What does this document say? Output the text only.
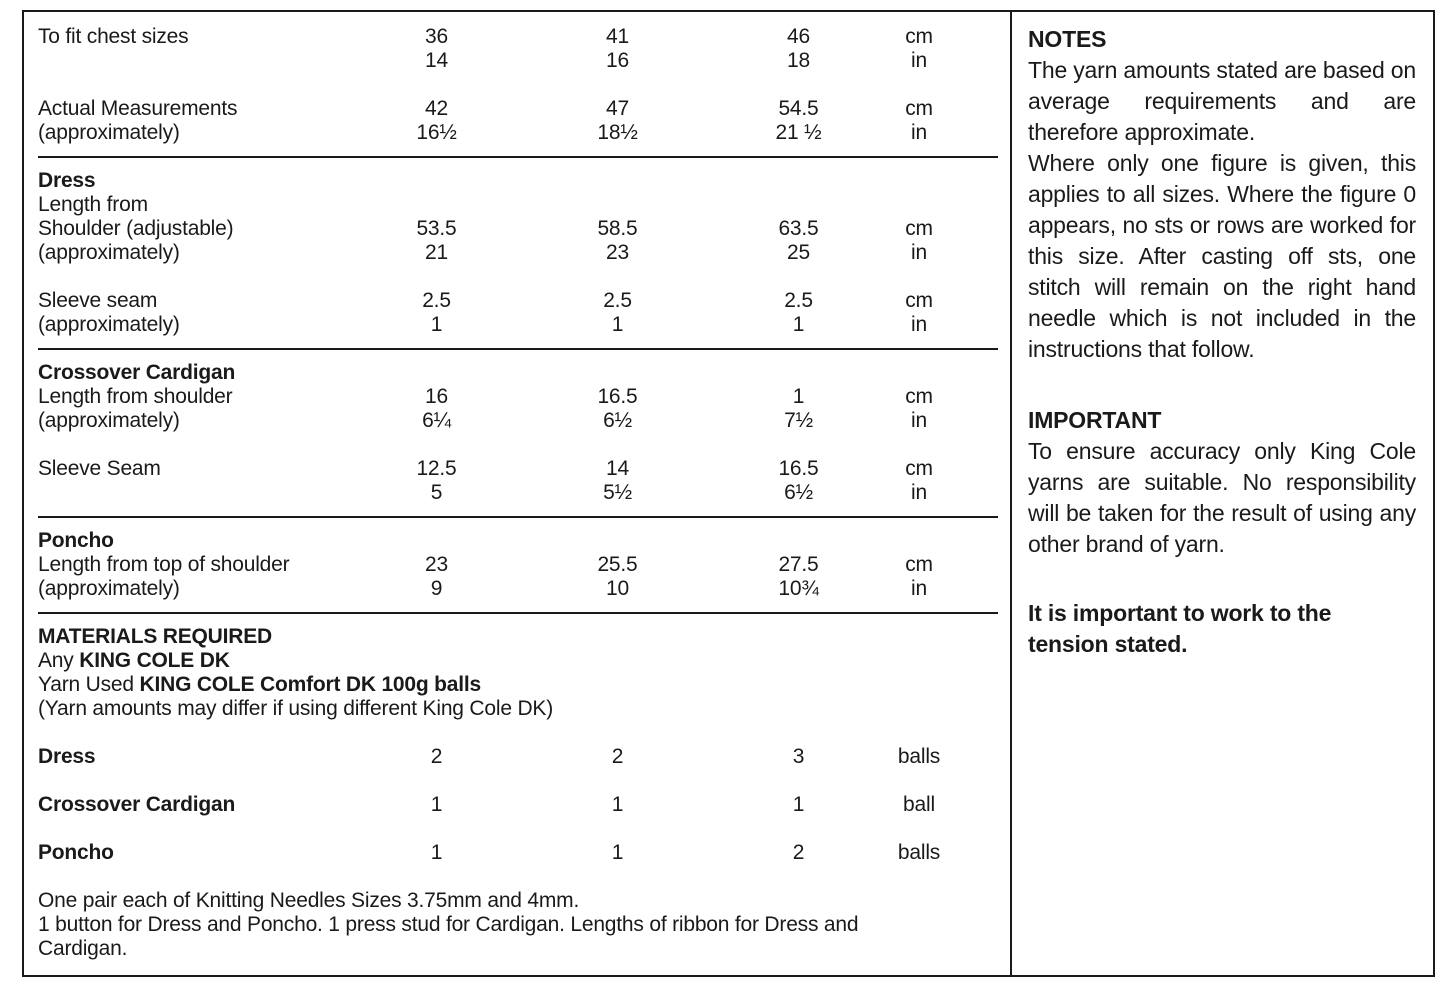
To fit chest sizes	36	41	46	cm
14	16	18	in
Actual Measurements	42	47	54.5	cm
(approximately)	16½	18½	21 ½	in
Dress
Length from
Shoulder (adjustable)	53.5	58.5	63.5	cm
(approximately)	21	23	25	in
Sleeve seam	2.5	2.5	2.5	cm
(approximately)	1	1	1	in
Crossover Cardigan
Length from shoulder	16	16.5	1	cm
(approximately)	6¼	6½	7½	in
Sleeve Seam	12.5	14	16.5	cm
5	5½	6½	in
Poncho
Length from top of shoulder	23	25.5	27.5	cm
(approximately)	9	10	10¾	in
MATERIALS REQUIRED
Any KING COLE DK
Yarn Used KING COLE Comfort DK 100g balls
(Yarn amounts may differ if using different King Cole DK)
Dress	2	2	3	balls
Crossover Cardigan	1	1	1	ball
Poncho	1	1	2	balls
One pair each of Knitting Needles Sizes 3.75mm and 4mm.
1 button for Dress and Poncho. 1 press stud for Cardigan. Lengths of ribbon for Dress and Cardigan.
NOTES

The yarn amounts stated are based on average requirements and are therefore approximate.

Where only one figure is given, this applies to all sizes. Where the figure 0 appears, no sts or rows are worked for this size. After casting off sts, one stitch will remain on the right hand needle which is not included in the instructions that follow.

IMPORTANT

To ensure accuracy only King Cole yarns are suitable. No responsibility will be taken for the result of using any other brand of yarn.

It is important to work to the tension stated.
